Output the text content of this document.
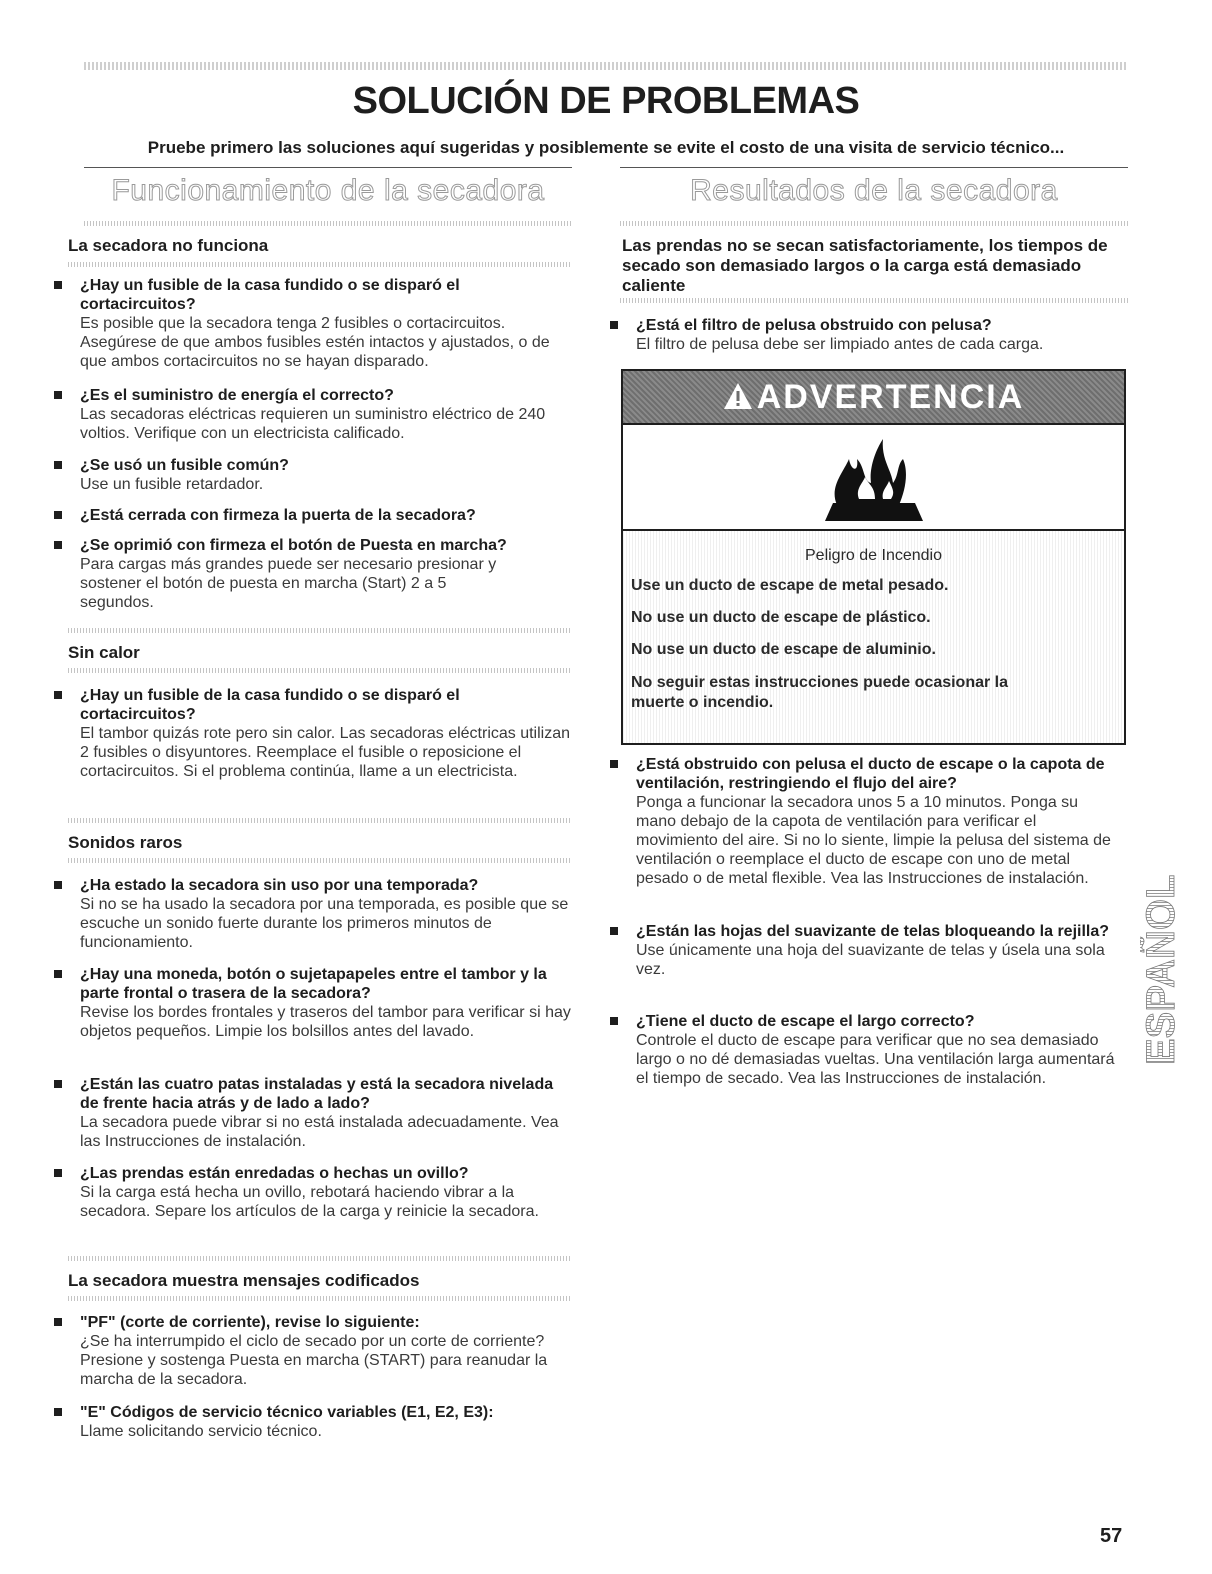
SOLUCIÓN DE PROBLEMAS
Pruebe primero las soluciones aquí sugeridas y posiblemente se evite el costo de una visita de servicio técnico...
Funcionamiento de la secadora	Resultados de la secadora
La secadora no funciona
¿Hay un fusible de la casa fundido o se disparó el cortacircuitos?
Es posible que la secadora tenga 2 fusibles o cortacircuitos. Asegúrese de que ambos fusibles estén intactos y ajustados, o de que ambos cortacircuitos no se hayan disparado.
¿Es el suministro de energía el correcto?
Las secadoras eléctricas requieren un suministro eléctrico de 240 voltios. Verifique con un electricista calificado.
¿Se usó un fusible común?
Use un fusible retardador.
¿Está cerrada con firmeza la puerta de la secadora?
¿Se oprimió con firmeza el botón de Puesta en marcha?
Para cargas más grandes puede ser necesario presionar y sostener el botón de puesta en marcha (Start) 2 a 5 segundos.
Sin calor
¿Hay un fusible de la casa fundido o se disparó el cortacircuitos?
El tambor quizás rote pero sin calor. Las secadoras eléctricas utilizan 2 fusibles o disyuntores. Reemplace el fusible o reposicione el cortacircuitos. Si el problema continúa, llame a un electricista.
Sonidos raros
¿Ha estado la secadora sin uso por una temporada?
Si no se ha usado la secadora por una temporada, es posible que se escuche un sonido fuerte durante los primeros minutos de funcionamiento.
¿Hay una moneda, botón o sujetapapeles entre el tambor y la parte frontal o trasera de la secadora?
Revise los bordes frontales y traseros del tambor para verificar si hay objetos pequeños. Limpie los bolsillos antes del lavado.
¿Están las cuatro patas instaladas y está la secadora nivelada de frente hacia atrás y de lado a lado?
La secadora puede vibrar si no está instalada adecuadamente. Vea las Instrucciones de instalación.
¿Las prendas están enredadas o hechas un ovillo?
Si la carga está hecha un ovillo, rebotará haciendo vibrar a la secadora. Separe los artículos de la carga y reinicie la secadora.
La secadora muestra mensajes codificados
"PF" (corte de corriente), revise lo siguiente:
¿Se ha interrumpido el ciclo de secado por un corte de corriente? Presione y sostenga Puesta en marcha (START) para reanudar la marcha de la secadora.
"E" Códigos de servicio técnico variables (E1, E2, E3):
Llame solicitando servicio técnico.
Las prendas no se secan satisfactoriamente, los tiempos de secado son demasiado largos o la carga está demasiado caliente
¿Está el filtro de pelusa obstruido con pelusa?
El filtro de pelusa debe ser limpiado antes de cada carga.
ADVERTENCIA
Peligro de Incendio
Use un ducto de escape de metal pesado.
No use un ducto de escape de plástico.
No use un ducto de escape de aluminio.
No seguir estas instrucciones puede ocasionar la muerte o incendio.
¿Está obstruido con pelusa el ducto de escape o la capota de ventilación, restringiendo el flujo del aire?
Ponga a funcionar la secadora unos 5 a 10 minutos. Ponga su mano debajo de la capota de ventilación para verificar el movimiento del aire. Si no lo siente, limpie la pelusa del sistema de ventilación o reemplace el ducto de escape con uno de metal pesado o de metal flexible. Vea las Instrucciones de instalación.
¿Están las hojas del suavizante de telas bloqueando la rejilla?
Use únicamente una hoja del suavizante de telas y úsela una sola vez.
¿Tiene el ducto de escape el largo correcto?
Controle el ducto de escape para verificar que no sea demasiado largo o no dé demasiadas vueltas. Una ventilación larga aumentará el tiempo de secado. Vea las Instrucciones de instalación.
ESPAÑOL
57
